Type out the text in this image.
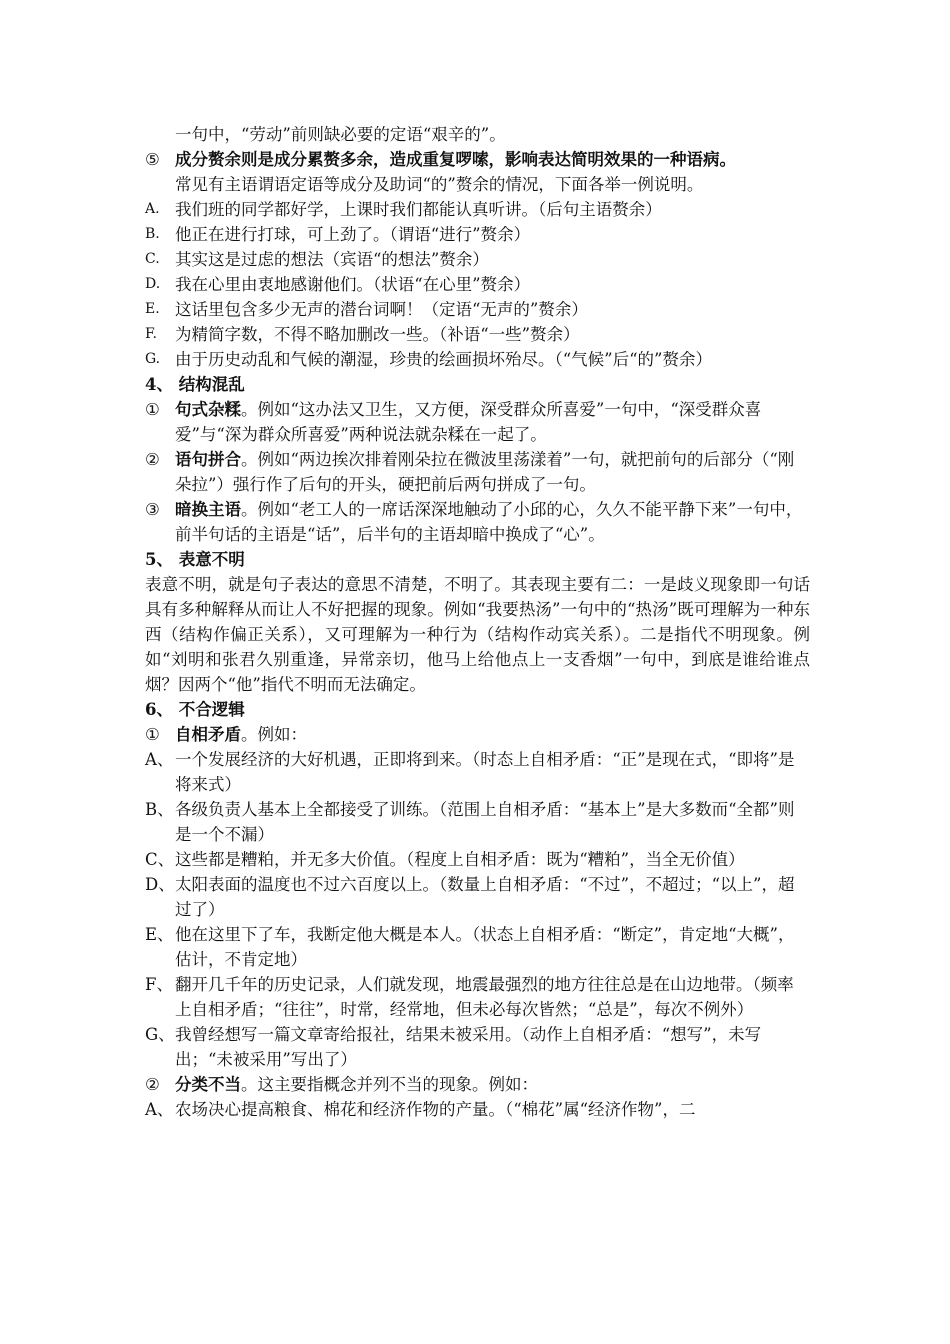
一句中，“劳动”前则缺必要的定语“艰辛的”。
⑤ 成分赘余则是成分累赘多余，造成重复啰嗦，影响表达简明效果的一种语病。
常见有主语谓语定语等成分及助词“的”赘余的情况，下面各举一例说明。
A. 我们班的同学都好学，上课时我们都能认真听讲。（后句主语赘余）
B. 他正在进行打球，可上劲了。（谓语“进行”赘余）
C. 其实这是过虑的想法（宾语“的想法”赘余）
D. 我在心里由衷地感谢他们。（状语“在心里”赘余）
E. 这话里包含多少无声的潜台词啊！（定语“无声的”赘余）
F.	为精简字数，不得不略加删改一些。（补语“一些”赘余）
G. 由于历史动乱和气候的潮湿，珍贵的绘画损坏殆尽。（“气候”后“的”赘余）
4、 结构混乱
① 句式杂糅。例如“这办法又卫生，又方便，深受群众所喜爱”一句中，“深受群众喜爱”与“深为群众所喜爱”两种说法就杂糅在一起了。
② 语句拼合。例如“两边挨次排着刚朵拉在微波里荡漾着”一句，就把前句的后部分（“刚朵拉”）强行作了后句的开头，硬把前后两句拼成了一句。
③ 暗换主语。例如“老工人的一席话深深地触动了小邱的心，久久不能平静下来”一句中，前半句话的主语是“话”，后半句的主语却暗中换成了“心”。
5、 表意不明
表意不明，就是句子表达的意思不清楚，不明了。其表现主要有二：一是歧义现象即一句话具有多种解释从而让人不好把握的现象。例如“我要热汤”一句中的“热汤”既可理解为一种东西（结构作偏正关系），又可理解为一种行为（结构作动宾关系）。二是指代不明现象。例如“刘明和张君久别重逢，异常亲切，他马上给他点上一支香烟”一句中，到底是谁给谁点烟？因两个“他”指代不明而无法确定。
6、 不合逻辑
① 自相矛盾。例如：
A、 一个发展经济的大好机遇，正即将到来。（时态上自相矛盾：“正”是现在式，“即将”是将来式）
B、 各级负责人基本上全都接受了训练。（范围上自相矛盾：“基本上”是大多数而“全都”则是一个不漏）
C、 这些都是糟粕，并无多大价值。（程度上自相矛盾：既为“糟粕”，当全无价值）
D、 太阳表面的温度也不过六百度以上。（数量上自相矛盾：“不过”，不超过；“以上”，超过了）
E、 他在这里下了车，我断定他大概是本人。（状态上自相矛盾：“断定”，肯定地“大概”，估计，不肯定地）
F、 翻开几千年的历史记录，人们就发现，地震最强烈的地方往往总是在山边地带。（频率上自相矛盾；“往往”，时常，经常地，但未必每次皆然；“总是”，每次不例外）
G、 我曾经想写一篇文章寄给报社，结果未被采用。（动作上自相矛盾：“想写”，未写出；“未被采用”写出了）
② 分类不当。这主要指概念并列不当的现象。例如：
A、 农场决心提高粮食、棉花和经济作物的产量。（“棉花”属“经济作物”，二
